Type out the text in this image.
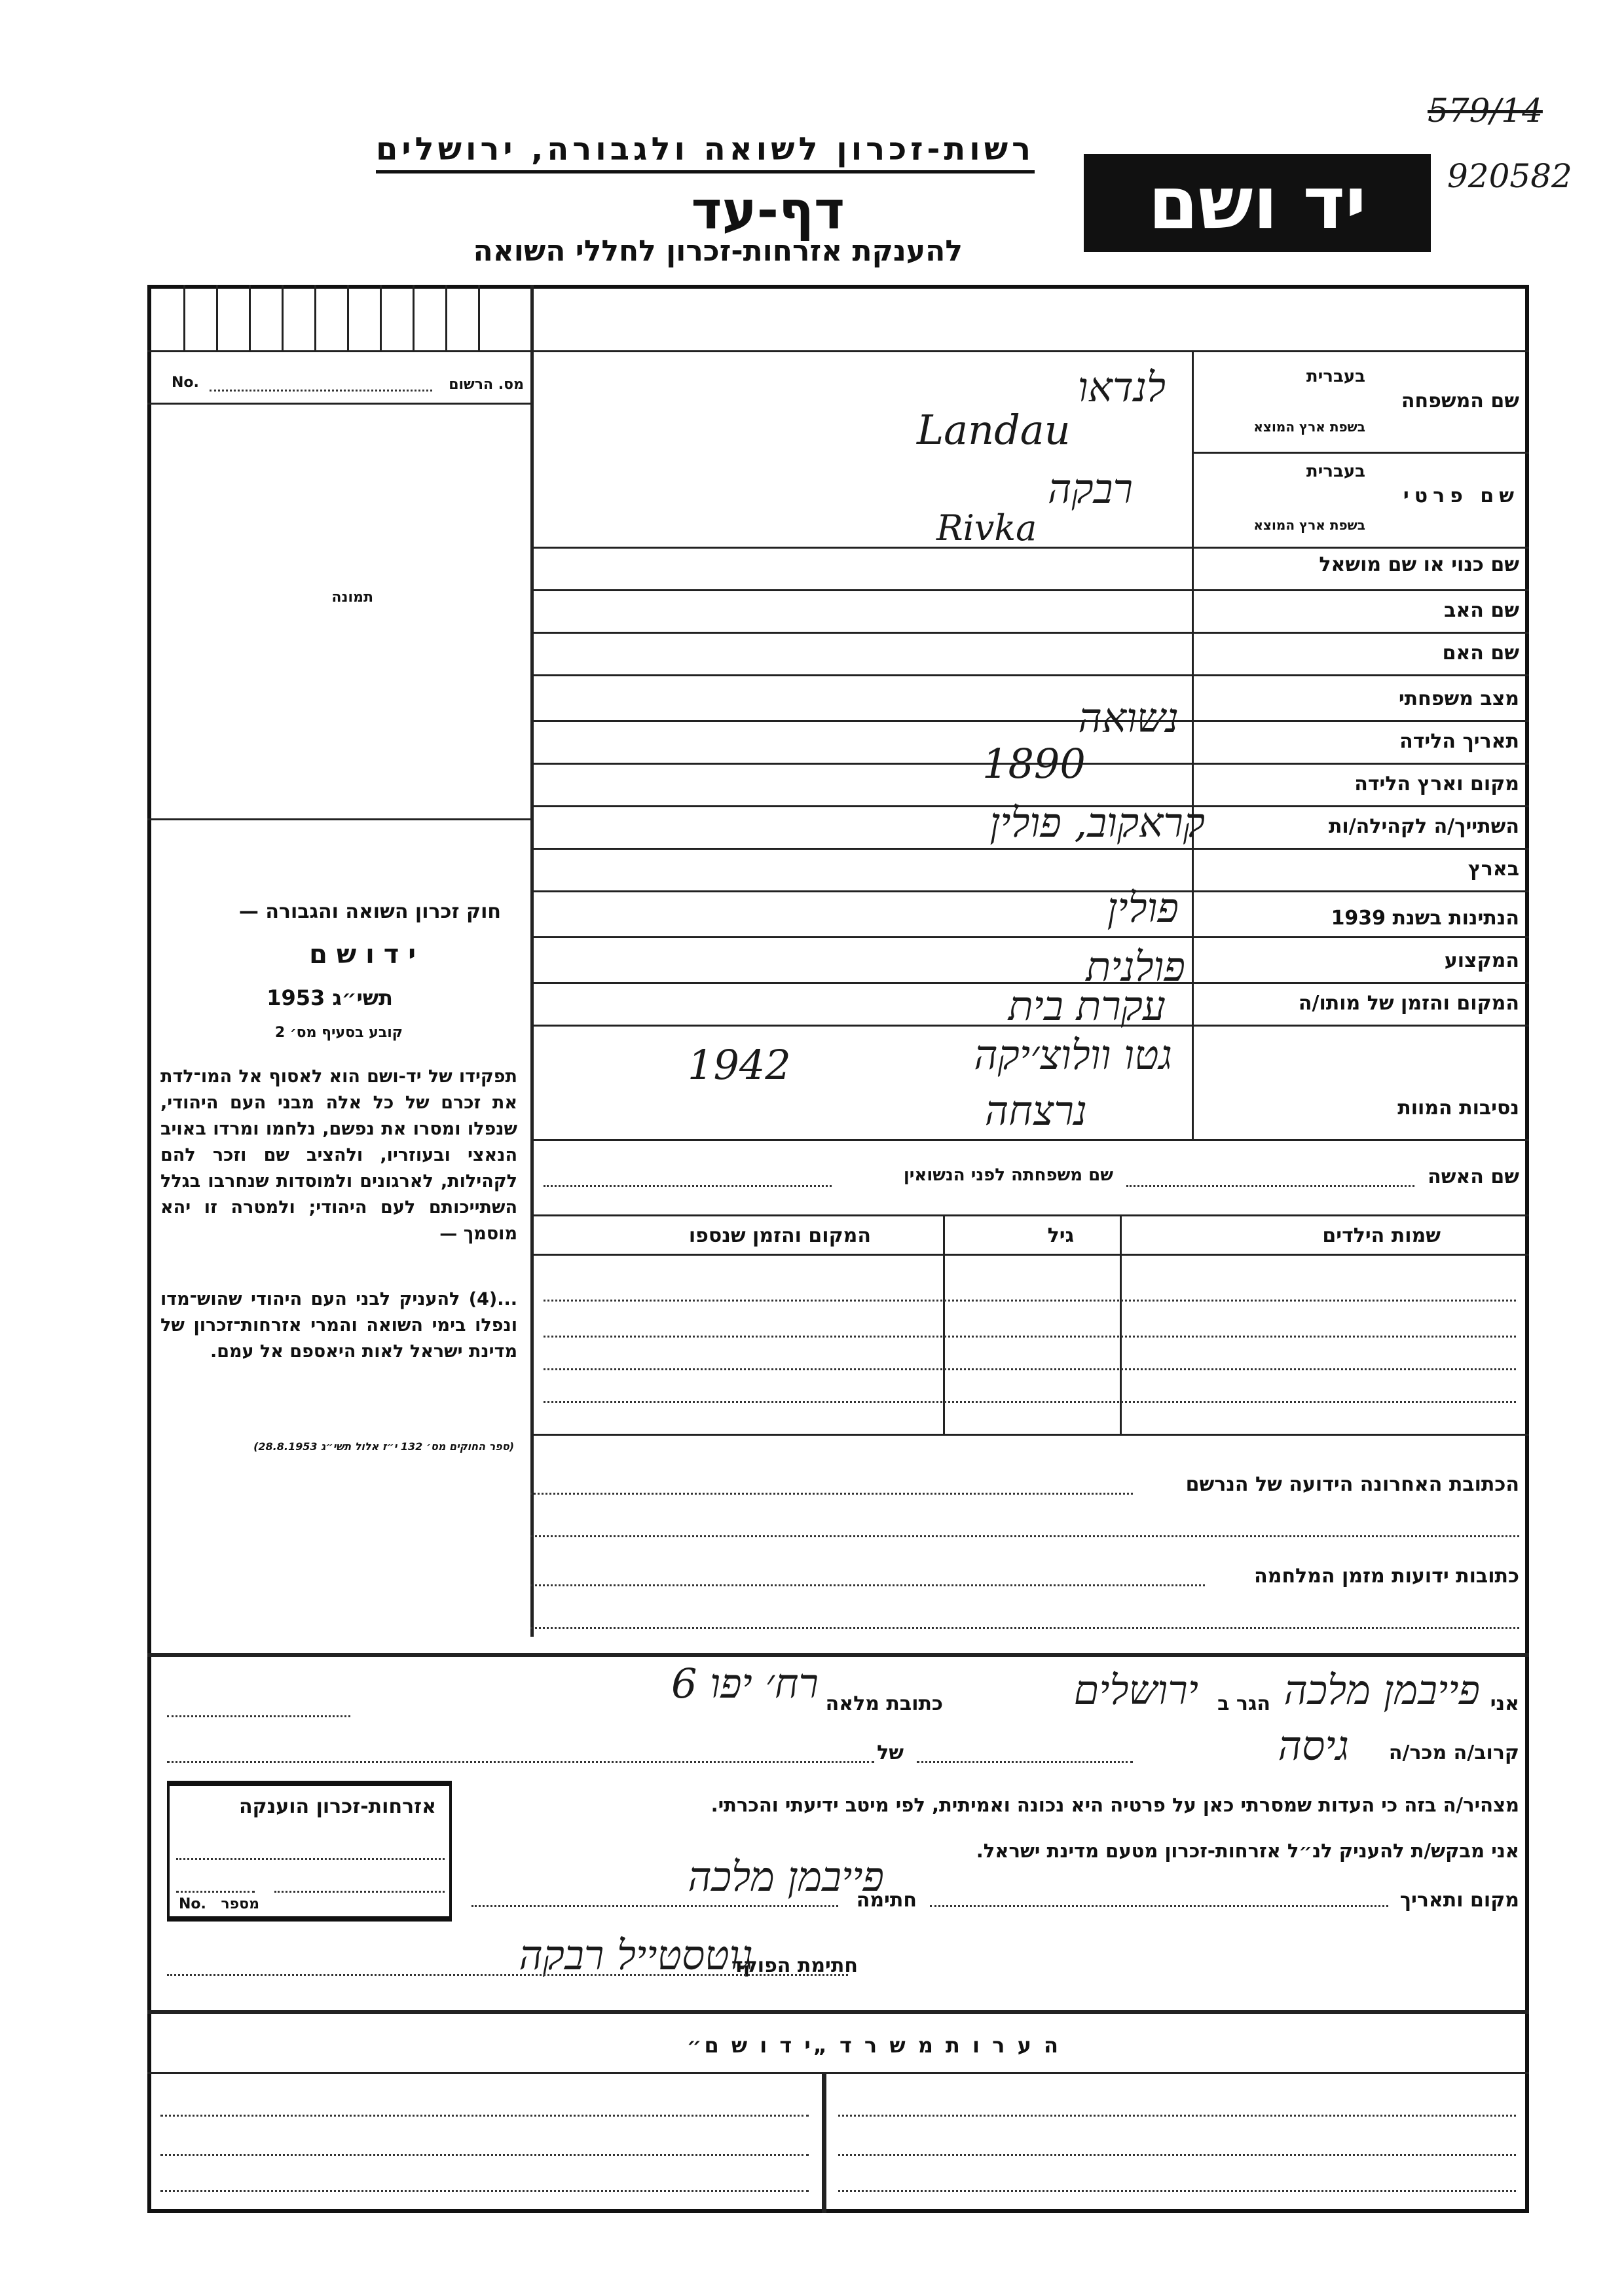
רשות-זכרון לשואה ולגבורה, ירושלים
דף-עד
להענקת אזרחות-זכרון לחללי השואה
יד ושם
579/14
920582
מס. הרשום
No.
תמונה
חוק זכרון השואה והגבורה —
י ד ו ש ם
תשי״ג 1953
קובע בסעיף מס׳ 2
תפקידו של יד-ושם הוא לאסוף אל המו־לדת את זכרם של כל אלה מבני העם היהודי, שנפלו ומסרו את נפשם, נלחמו ומרדו באויב הנאצי ובעוזריו, ולהציב שם וזכר להם לקהילות, לארגונים ולמוסדות שנחרבו בגלל השתייכותם לעם היהודי; ולמטרה זו יהא מוסמך —
...(4) להעניק לבני העם היהודי שהוש־מדו ונפלו בימי השואה והמרי אזרחות־זכרון של מדינת ישראל לאות היאספם אל עמם.
(ספר החוקים מס׳ 132 י״ז אלול תשי״ג 28.8.1953)
שם המשפחה
בעברית
בשפת ארץ המוצא
שם פרטי
בעברית
בשפת ארץ המוצא
שם כנוי או שם מושאל
שם האב
שם האם
מצב משפחתי
תאריך הלידה
מקום וארץ הלידה
השתייך/ה לקהילה/ות
בארץ
הנתינות בשנת 1939
המקצוע
המקום והזמן של מותו/ה
נסיבות המוות
לנדאו
Landau
רבקה
Rivka
נשואה
1890
קראקוב, פולין
פולין
פולנית
עקרת בית
גטו וולוצ׳יקה
1942
נרצחה
שם האשה
שם משפחתה לפני הנשואין
שמות הילדים
גיל
המקום והזמן שנספו
הכתובת האחרונה הידועה של הנרשם
כתובות ידועות מזמן המלחמה
אני
פייבמן מלכה
הגר ב
ירושלים
כתובת מלאה
רח׳ יפו 6
קרוב/ה מכר/ה
גיסה
של
מצהיר/ה בזה כי העדות שמסרתי כאן על פרטיה היא נכונה ואמיתית, לפי מיטב ידיעתי והכרתי.
אני מבקש/ת להעניק לנ״ל אזרחות-זכרון מטעם מדינת ישראל.
מקום ותאריך
חתימה
פייבמן מלכה
חתימת הפוקד
גוטסטייל רבקה
אזרחות-זכרון הוענקה
No. מספר
ה ע ר ו ת מ ש ר ד „י ד ו ש ם״
